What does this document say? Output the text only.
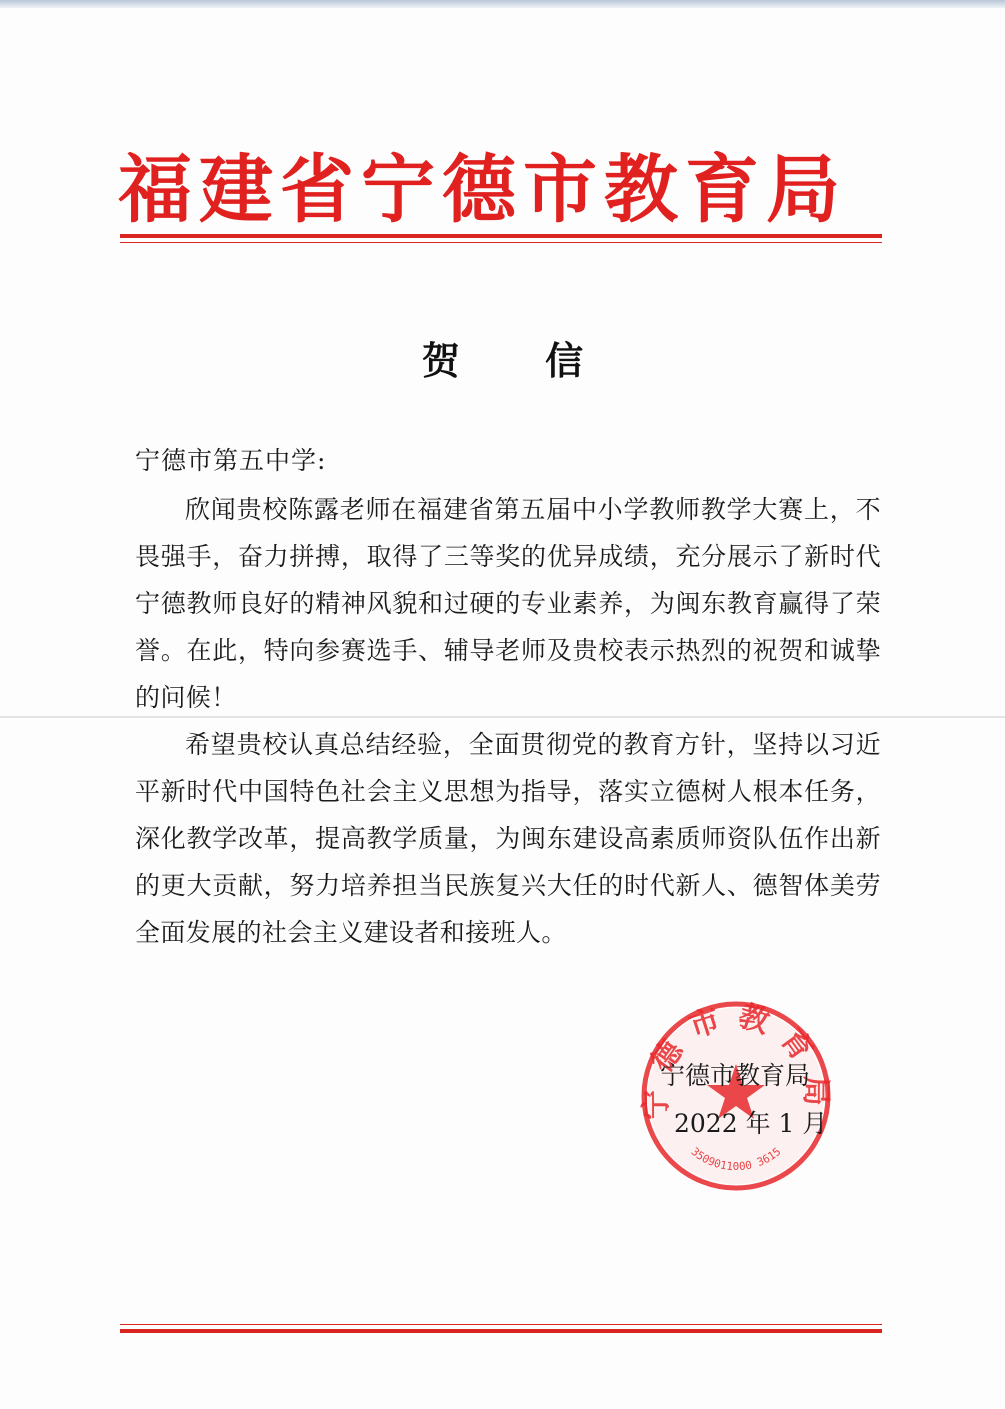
福建省宁德市教育局
贺 信
宁德市第五中学:

欣闻贵校陈露老师在福建省第五届中小学教师教学大赛上，不畏强手，奋力拼搏，取得了三等奖的优异成绩，充分展示了新时代宁德教师良好的精神风貌和过硬的专业素养，为闽东教育赢得了荣誉。在此，特向参赛选手、辅导老师及贵校表示热烈的祝贺和诚挚的问候！

希望贵校认真总结经验，全面贯彻党的教育方针，坚持以习近平新时代中国特色社会主义思想为指导，落实立德树人根本任务，深化教学改革，提高教学质量，为闽东建设高素质师资队伍作出新的更大贡献，努力培养担当民族复兴大任的时代新人、德智体美劳全面发展的社会主义建设者和接班人。

宁德市教育局
3509011000 3615
宁德市教育局
2022 年 1 月
